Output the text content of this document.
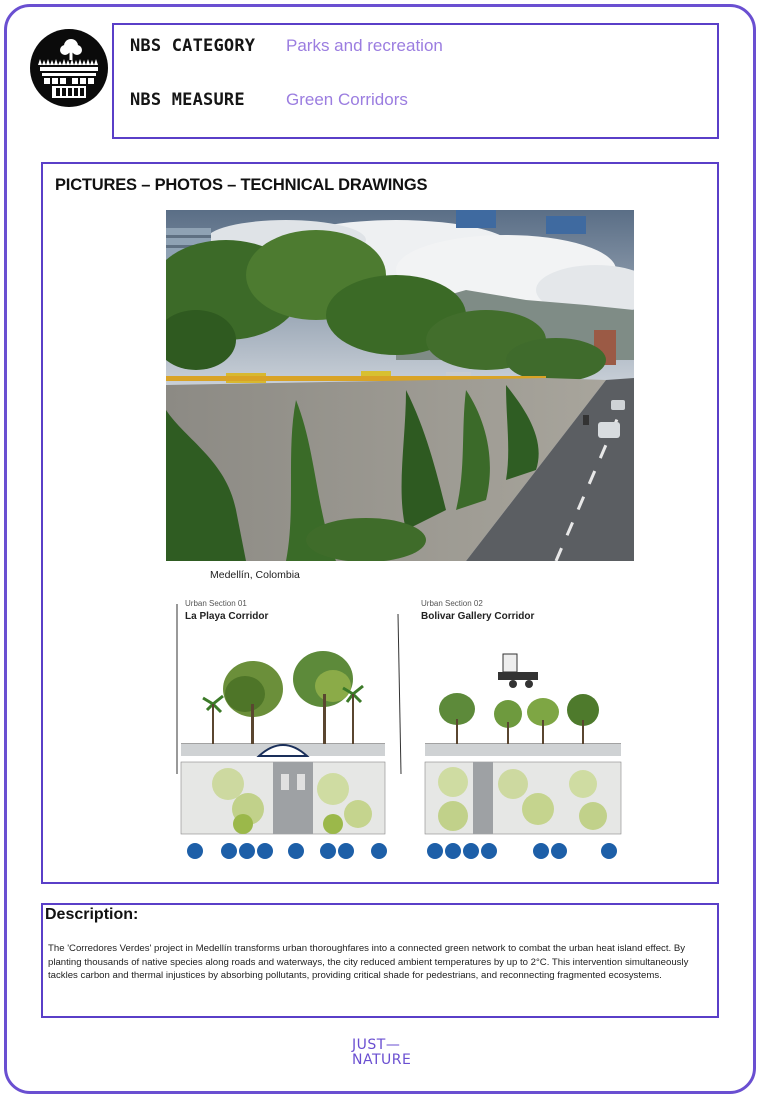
NBS CATEGORY	Parks and recreation
NBS MEASURE	Green Corridors
PICTURES – PHOTOS – TECHNICAL DRAWINGS
Medellín, Colombia
Urban Section 01
La Playa Corridor
Urban Section 02
Bolivar Gallery Corridor
Description:
The 'Corredores Verdes' project in Medellín transforms urban thoroughfares into a connected green network to combat the urban heat island effect. By planting thousands of native species along roads and waterways, the city reduced ambient temperatures by up to 2°C. This intervention simultaneously tackles carbon and thermal injustices by absorbing pollutants, providing critical shade for pedestrians, and reconnecting fragmented ecosystems.
JUST—
NATURE
